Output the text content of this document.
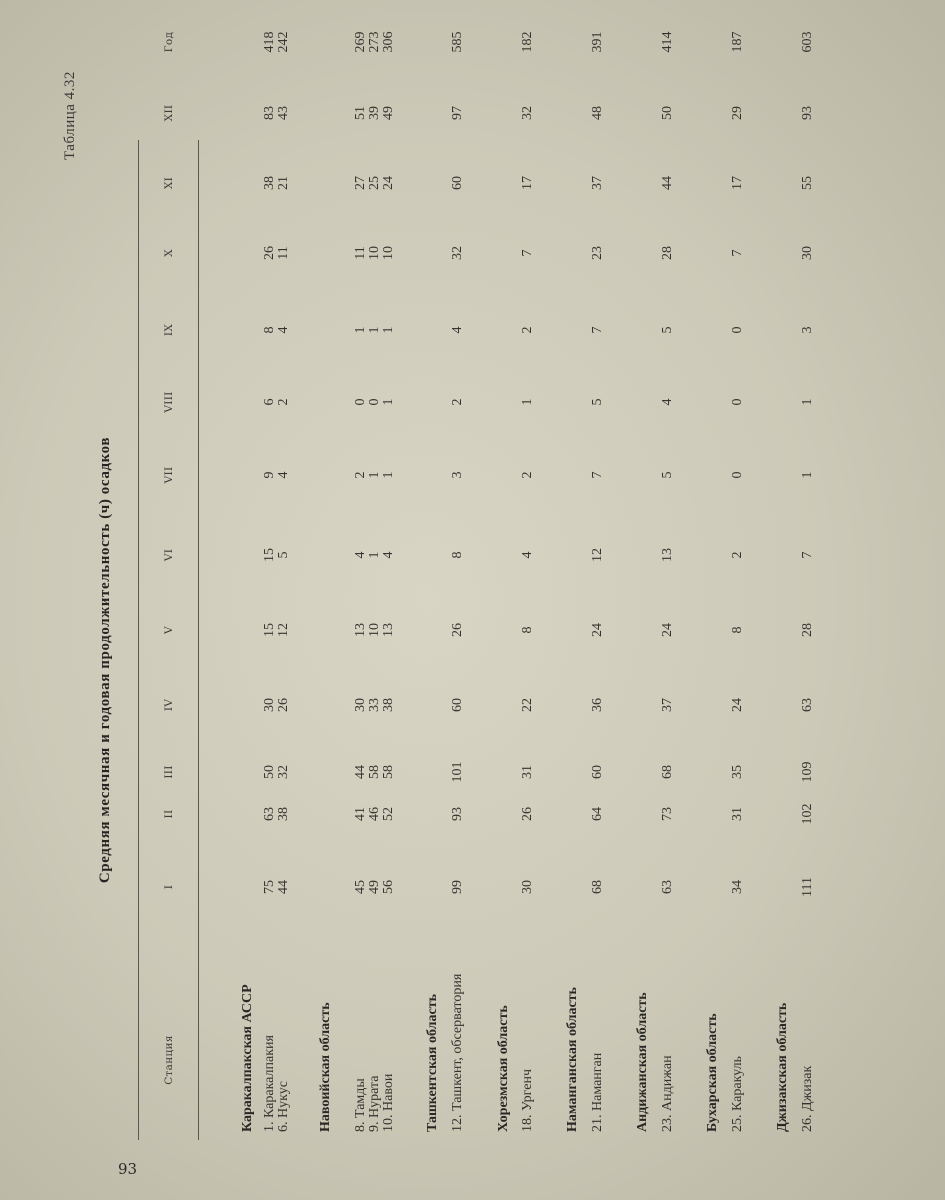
93
Таблица 4.32
Средняя месячная и годовая продолжительность (ч) осадков
Станция
I
II
III
IV
V
VI
VII
VIII
IX
X
XI
XII
Год
Каракалпакская АССР 1. Каракалпакия
75
63
50
30
15
15
9
6
8
26
38
83
418
6. Нукус
44
38
32
26
12
5
4
2
4
11
21
43
242
Навоийская область 8. Тамды
45
41
44
30
13
4
2
0
1
11
27
51
269
9. Нурата
49
46
58
33
10
1
1
0
1
10
25
39
273
10. Навои
56
52
58
38
13
4
1
1
1
10
24
49
306
Ташкентская область 12. Ташкент, обсерватория
99
93
101
60
26
8
3
2
4
32
60
97
585
Хорезмская область 18. Ургенч
30
26
31
22
8
4
2
1
2
7
17
32
182
Наманганская область 21. Наманган
68
64
60
36
24
12
7
5
7
23
37
48
391
Андижанская область 23. Андижан
63
73
68
37
24
13
5
4
5
28
44
50
414
Бухарская область 25. Каракуль
34
31
35
24
8
2
0
0
0
7
17
29
187
Джизакская область 26. Джизак
111
102
109
63
28
7
1
1
3
30
55
93
603
